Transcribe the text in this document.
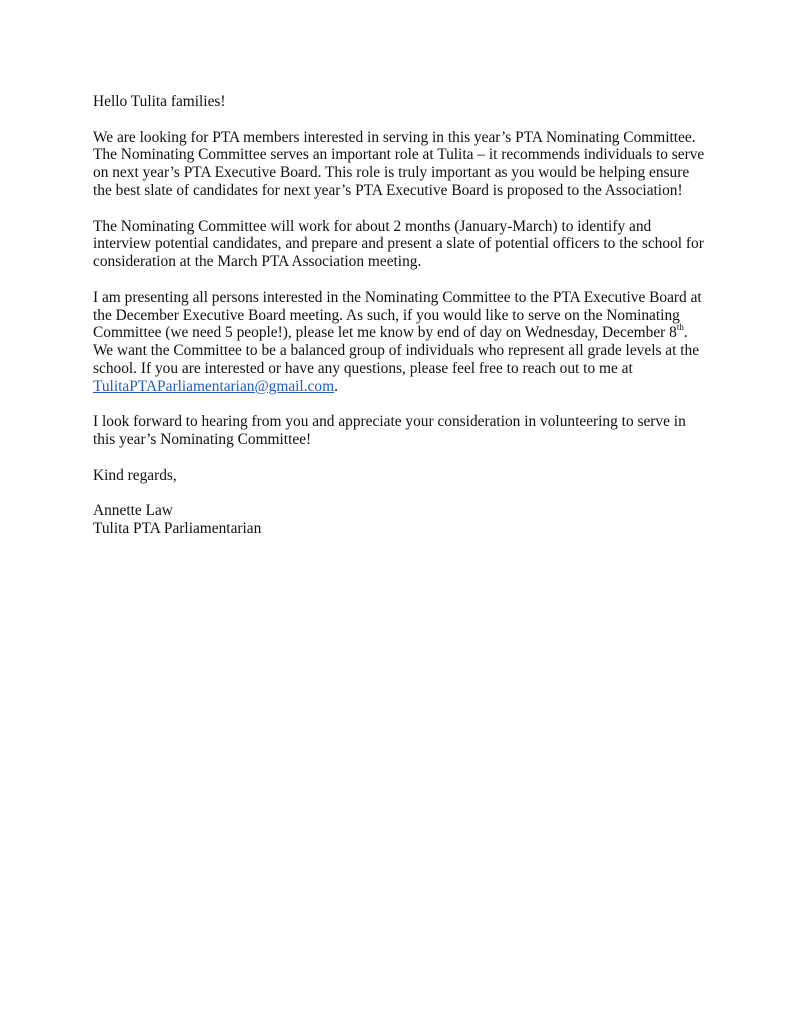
Hello Tulita families!

We are looking for PTA members interested in serving in this year’s PTA Nominating Committee. The Nominating Committee serves an important role at Tulita – it recommends individuals to serve on next year’s PTA Executive Board. This role is truly important as you would be helping ensure the best slate of candidates for next year’s PTA Executive Board is proposed to the Association!

The Nominating Committee will work for about 2 months (January-March) to identify and interview potential candidates, and prepare and present a slate of potential officers to the school for consideration at the March PTA Association meeting.

I am presenting all persons interested in the Nominating Committee to the PTA Executive Board at the December Executive Board meeting. As such, if you would like to serve on the Nominating Committee (we need 5 people!), please let me know by end of day on Wednesday, December 8th. We want the Committee to be a balanced group of individuals who represent all grade levels at the school. If you are interested or have any questions, please feel free to reach out to me at TulitaPTAParliamentarian@gmail.com.

I look forward to hearing from you and appreciate your consideration in volunteering to serve in this year’s Nominating Committee!

Kind regards,

Annette Law

Tulita PTA Parliamentarian
